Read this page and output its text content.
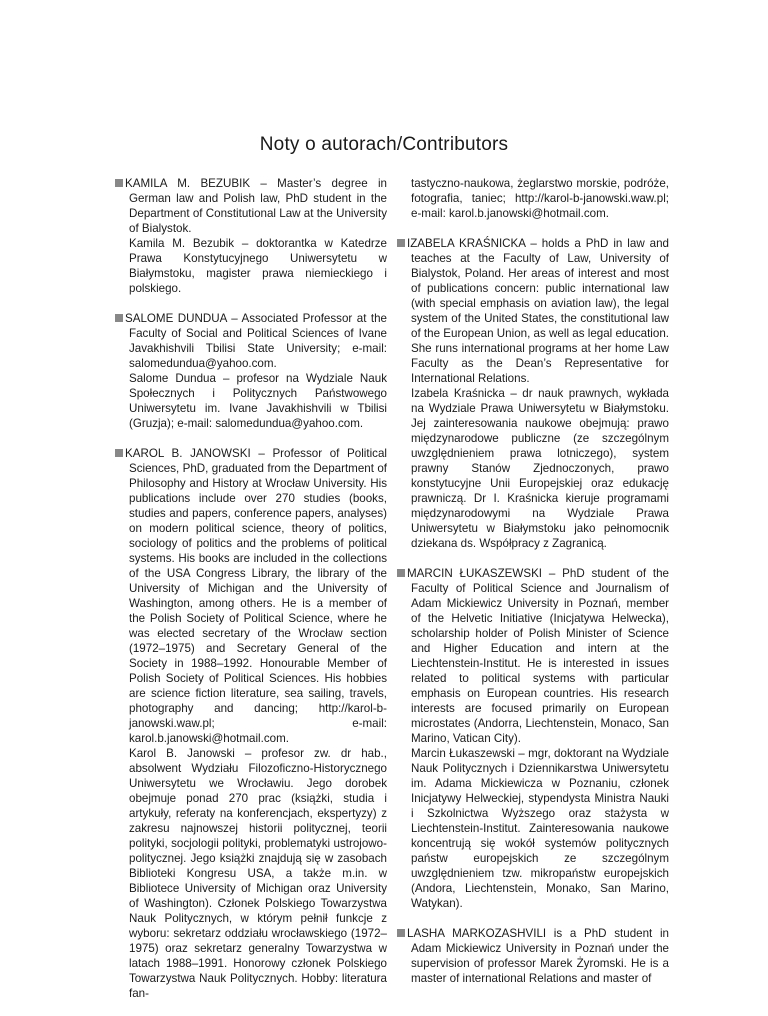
Noty o autorach/Contributors
KAMILA M. BEZUBIK – Master’s degree in German law and Polish law, PhD student in the Department of Constitutional Law at the University of Bialystok.
Kamila M. Bezubik – doktorantka w Katedrze Prawa Konstytucyjnego Uniwersytetu w Białymstoku, magister prawa niemieckiego i polskiego.
SALOME DUNDUA – Associated Professor at the Faculty of Social and Political Sciences of Ivane Javakhishvili Tbilisi State University; e-mail: salomedundua@yahoo.com.
Salome Dundua – profesor na Wydziale Nauk Społecznych i Politycznych Państwowego Uniwersytetu im. Ivane Javakhishvili w Tbilisi (Gruzja); e-mail: salomedundua@yahoo.com.
KAROL B. JANOWSKI – Professor of Political Sciences, PhD, graduated from the Department of Philosophy and History at Wrocław University. His publications include over 270 studies (books, studies and papers, conference papers, analyses) on modern political science, theory of politics, sociology of politics and the problems of political systems. His books are included in the collections of the USA Congress Library, the library of the University of Michigan and the University of Washington, among others. He is a member of the Polish Society of Political Science, where he was elected secretary of the Wrocław section (1972–1975) and Secretary General of the Society in 1988–1992. Honourable Member of Polish Society of Political Sciences. His hobbies are science fiction literature, sea sailing, travels, photography and dancing; http://karol-b-janowski.waw.pl; e-mail: karol.b.janowski@hotmail.com.
Karol B. Janowski – profesor zw. dr hab., absolwent Wydziału Filozoficzno-Historycznego Uniwersytetu we Wrocławiu. Jego dorobek obejmuje ponad 270 prac (książki, studia i artykuły, referaty na konferencjach, ekspertyzy) z zakresu najnowszej historii politycznej, teorii polityki, socjologii polityki, problematyki ustrojowo-politycznej. Jego książki znajdują się w zasobach Biblioteki Kongresu USA, a także m.in. w Bibliotece University of Michigan oraz University of Washington). Członek Polskiego Towarzystwa Nauk Politycznych, w którym pełnił funkcje z wyboru: sekretarz oddziału wrocławskiego (1972–1975) oraz sekretarz generalny Towarzystwa w latach 1988–1991. Honorowy członek Polskiego Towarzystwa Nauk Politycznych. Hobby: literatura fan-
tastyczno-naukowa, żeglarstwo morskie, podróże, fotografia, taniec; http://karol-b-janowski.waw.pl; e-mail: karol.b.janowski@hotmail.com.
IZABELA KRAŚNICKA – holds a PhD in law and teaches at the Faculty of Law, University of Bialystok, Poland. Her areas of interest and most of publications concern: public international law (with special emphasis on aviation law), the legal system of the United States, the constitutional law of the European Union, as well as legal education. She runs international programs at her home Law Faculty as the Dean’s Representative for International Relations.
Izabela Kraśnicka – dr nauk prawnych, wykłada na Wydziale Prawa Uniwersytetu w Białymstoku. Jej zainteresowania naukowe obejmują: prawo międzynarodowe publiczne (ze szczególnym uwzględnieniem prawa lotniczego), system prawny Stanów Zjednoczonych, prawo konstytucyjne Unii Europejskiej oraz edukację prawniczą. Dr I. Kraśnicka kieruje programami międzynarodowymi na Wydziale Prawa Uniwersytetu w Białymstoku jako pełnomocnik dziekana ds. Współpracy z Zagranicą.
MARCIN ŁUKASZEWSKI – PhD student of the Faculty of Political Science and Journalism of Adam Mickiewicz University in Poznań, member of the Helvetic Initiative (Inicjatywa Helwecka), scholarship holder of Polish Minister of Science and Higher Education and intern at the Liechtenstein-Institut. He is interested in issues related to political systems with particular emphasis on European countries. His research interests are focused primarily on European microstates (Andorra, Liechtenstein, Monaco, San Marino, Vatican City).
Marcin Łukaszewski – mgr, doktorant na Wydziale Nauk Politycznych i Dziennikarstwa Uniwersytetu im. Adama Mickiewicza w Poznaniu, członek Inicjatywy Helweckiej, stypendysta Ministra Nauki i Szkolnictwa Wyższego oraz stażysta w Liechtenstein-Institut. Zainteresowania naukowe koncentrują się wokół systemów politycznych państw europejskich ze szczególnym uwzględnieniem tzw. mikropaństw europejskich (Andora, Liechtenstein, Monako, San Marino, Watykan).
LASHA MARKOZASHVILI is a PhD student in Adam Mickiewicz University in Poznań under the supervision of professor Marek Żyromski. He is a master of international Relations and master of
